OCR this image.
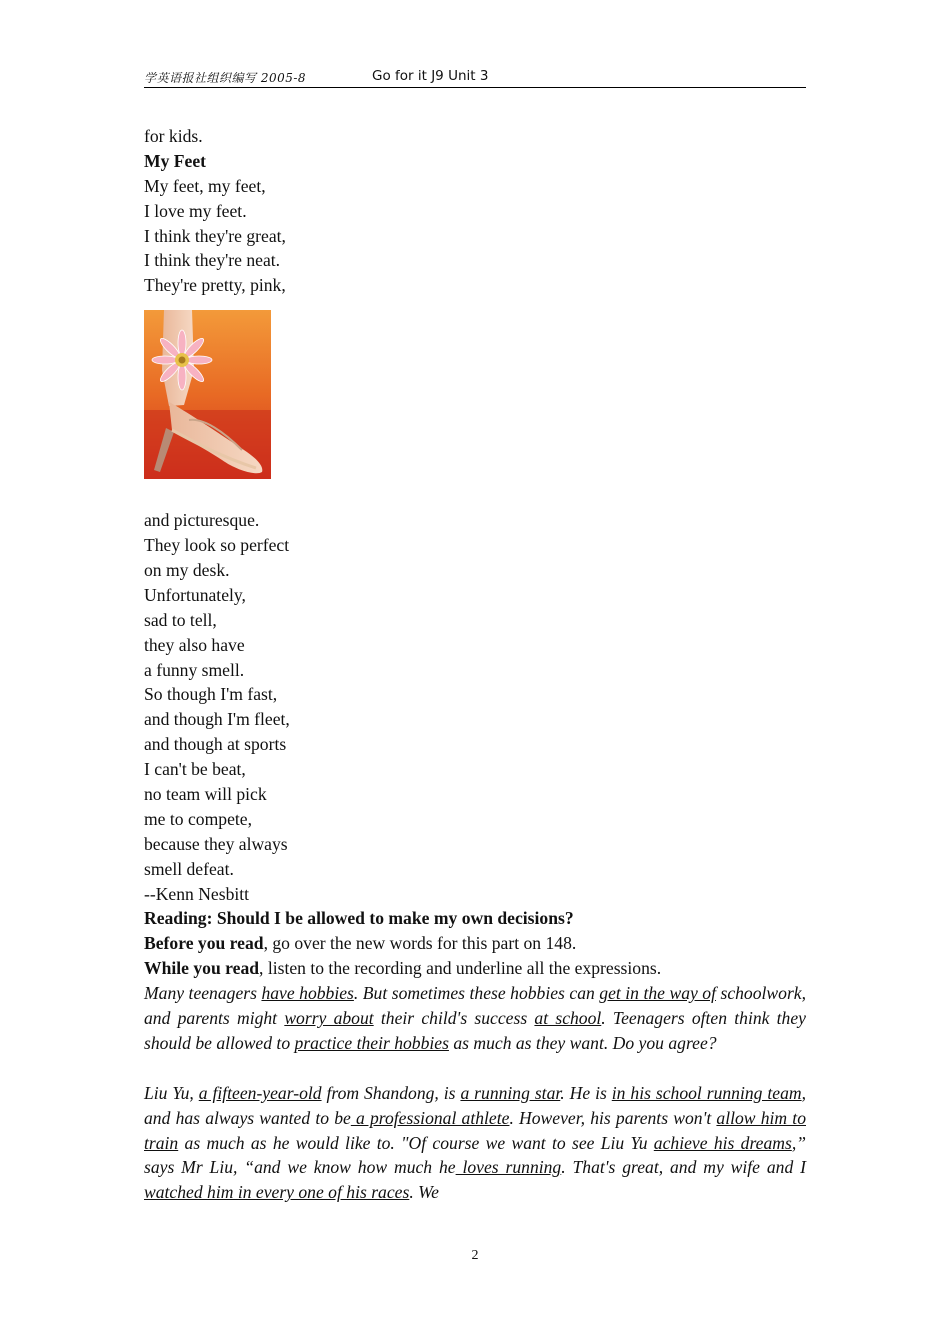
学英语报社组织编写 2005-8	Go for it J9 Unit 3
for kids.
My Feet
My feet, my feet,
I love my feet.
I think they're great,
I think they're neat.
They're pretty, pink,
and picturesque.
They look so perfect
on my desk.
Unfortunately,
sad to tell,
they also have
a funny smell.
So though I'm fast,
and though I'm fleet,
and though at sports
I can't be beat,
no team will pick
me to compete,
because they always
smell defeat.
--Kenn Nesbitt
Reading: Should I be allowed to make my own decisions?
Before you read, go over the new words for this part on 148.
While you read, listen to the recording and underline all the expressions.
Many teenagers have hobbies. But sometimes these hobbies can get in the way of schoolwork, and parents might worry about their child's success at school. Teenagers often think they should be allowed to practice their hobbies as much as they want. Do you agree?
Liu Yu, a fifteen-year-old from Shandong, is a running star. He is in his school running team, and has always wanted to be a professional athlete. However, his parents won't allow him to train as much as he would like to. "Of course we want to see Liu Yu achieve his dreams,” says Mr Liu, “and we know how much he loves running. That's great, and my wife and I watched him in every one of his races. We
2
